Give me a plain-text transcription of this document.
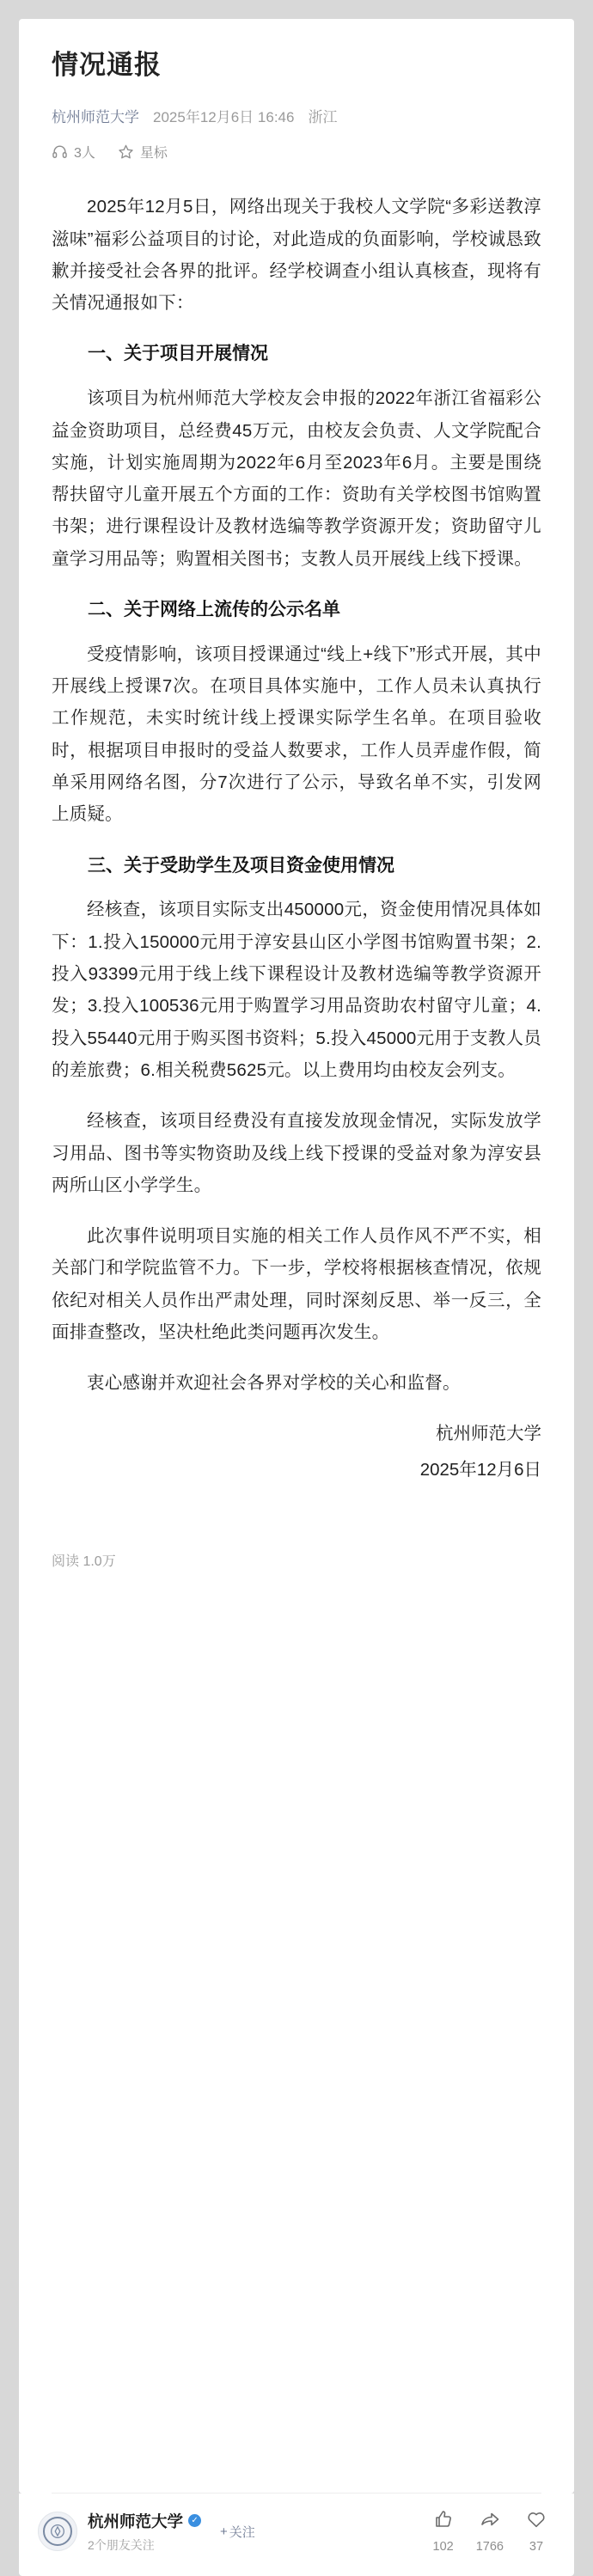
情况通报
杭州师范大学 2025年12月6日 16:46 浙江
3人	星标

2025年12月5日，网络出现关于我校人文学院“多彩送教淳滋味”福彩公益项目的讨论，对此造成的负面影响，学校诚恳致歉并接受社会各界的批评。经学校调查小组认真核查，现将有关情况通报如下：

一、关于项目开展情况

该项目为杭州师范大学校友会申报的2022年浙江省福彩公益金资助项目，总经费45万元，由校友会负责、人文学院配合实施，计划实施周期为2022年6月至2023年6月。主要是围绕帮扶留守儿童开展五个方面的工作：资助有关学校图书馆购置书架；进行课程设计及教材选编等教学资源开发；资助留守儿童学习用品等；购置相关图书；支教人员开展线上线下授课。

二、关于网络上流传的公示名单

受疫情影响，该项目授课通过“线上+线下”形式开展，其中开展线上授课7次。在项目具体实施中，工作人员未认真执行工作规范，未实时统计线上授课实际学生名单。在项目验收时，根据项目申报时的受益人数要求，工作人员弄虚作假，简单采用网络名图，分7次进行了公示，导致名单不实，引发网上质疑。

三、关于受助学生及项目资金使用情况

经核查，该项目实际支出450000元，资金使用情况具体如下：1.投入150000元用于淳安县山区小学图书馆购置书架；2.投入93399元用于线上线下课程设计及教材选编等教学资源开发；3.投入100536元用于购置学习用品资助农村留守儿童；4.投入55440元用于购买图书资料；5.投入45000元用于支教人员的差旅费；6.相关税费5625元。以上费用均由校友会列支。

经核查，该项目经费没有直接发放现金情况，实际发放学习用品、图书等实物资助及线上线下授课的受益对象为淳安县两所山区小学学生。

此次事件说明项目实施的相关工作人员作风不严不实，相关部门和学院监管不力。下一步，学校将根据核查情况，依规依纪对相关人员作出严肃处理，同时深刻反思、举一反三，全面排查整改，坚决杜绝此类问题再次发生。

衷心感谢并欢迎社会各界对学校的关心和监督。

杭州师范大学
2025年12月6日
阅读 1.0万
杭州师范大学 ✓
2个朋友关注
+ 关注
102 1766 37
